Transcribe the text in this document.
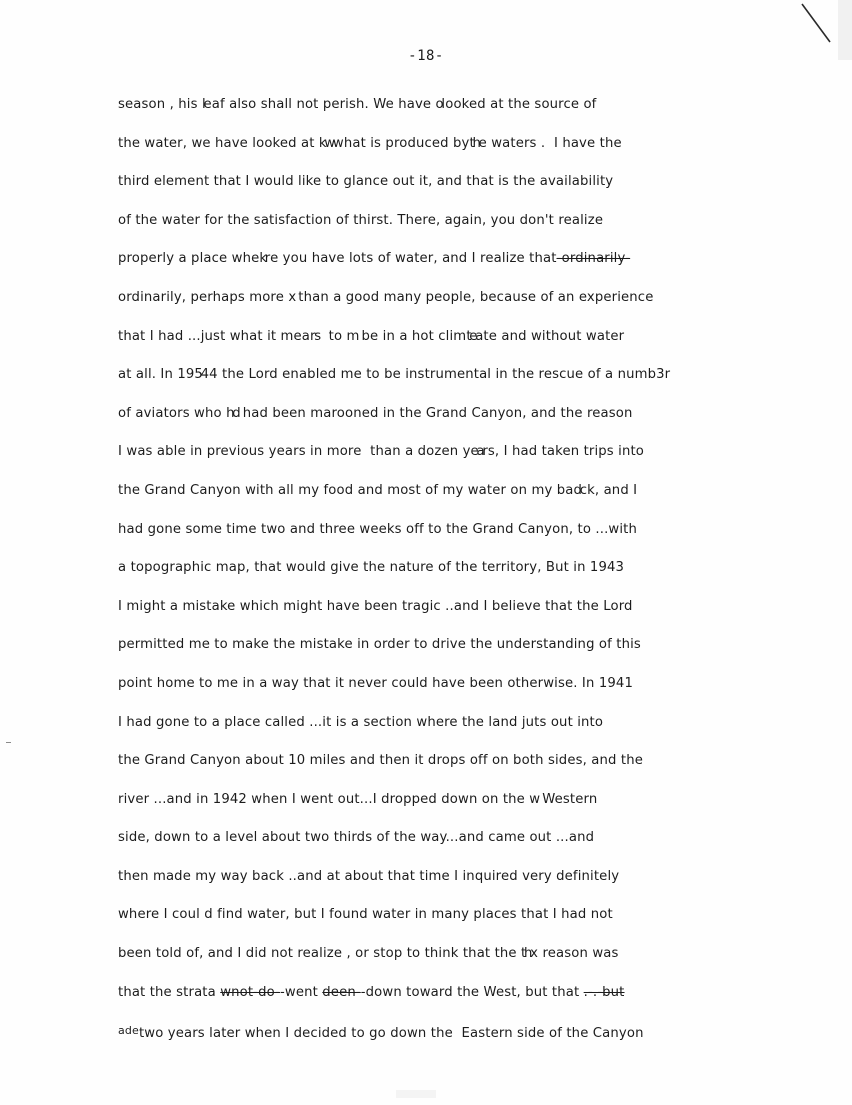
-18-
season , his leaf also shall not perish. We have olooked at the source of
the water, we have looked at kwwhat is produced bythe waters .  I have the
third element that I would like to glance out it, and that is the availability
of the water for the satisfaction of thirst. There, again, you don't realize
properly a place whekre you have lots of water, and I realize that-ordinarily-
ordinarily, perhaps more x than a good many people, because of an experience
that I had ...just what it mears  to m be in a hot climteate and without water
at all. In 19544 the Lord enabled me to be instrumental in the rescue of a numb3r
of aviators who hd had been marooned in the Grand Canyon, and the reason
I was able in previous years in more  than a dozen years, I had taken trips into
the Grand Canyon with all my food and most of my water on my badck, and I
had gone some time two and three weeks off to the Grand Canyon, to ...with
a topographic map, that would give the nature of the territory, But in 1943
I might a mistake which might have been tragic ..and I believe that the Lord
permitted me to make the mistake in order to drive the understanding of this
point home to me in a way that it never could have been otherwise. In 1941
I had gone to a place called ...it is a section where the land juts out into
the Grand Canyon about 10 miles and then it drops off on both sides, and the
river ...and in 1942 when I went out...I dropped down on the w Western
side, down to a level about two thirds of the way...and came out ...and
then made my way back ..and at about that time I inquired very definitely
where I coul d find water, but I found water in many places that I had not
been told of, and I did not realize , or stop to think that the thx reason was
that the strata wnot-do--went deen--down toward the West, but that .-.-but
$^{ade}$two years later when I decided to go down the  Eastern side of the Canyon
